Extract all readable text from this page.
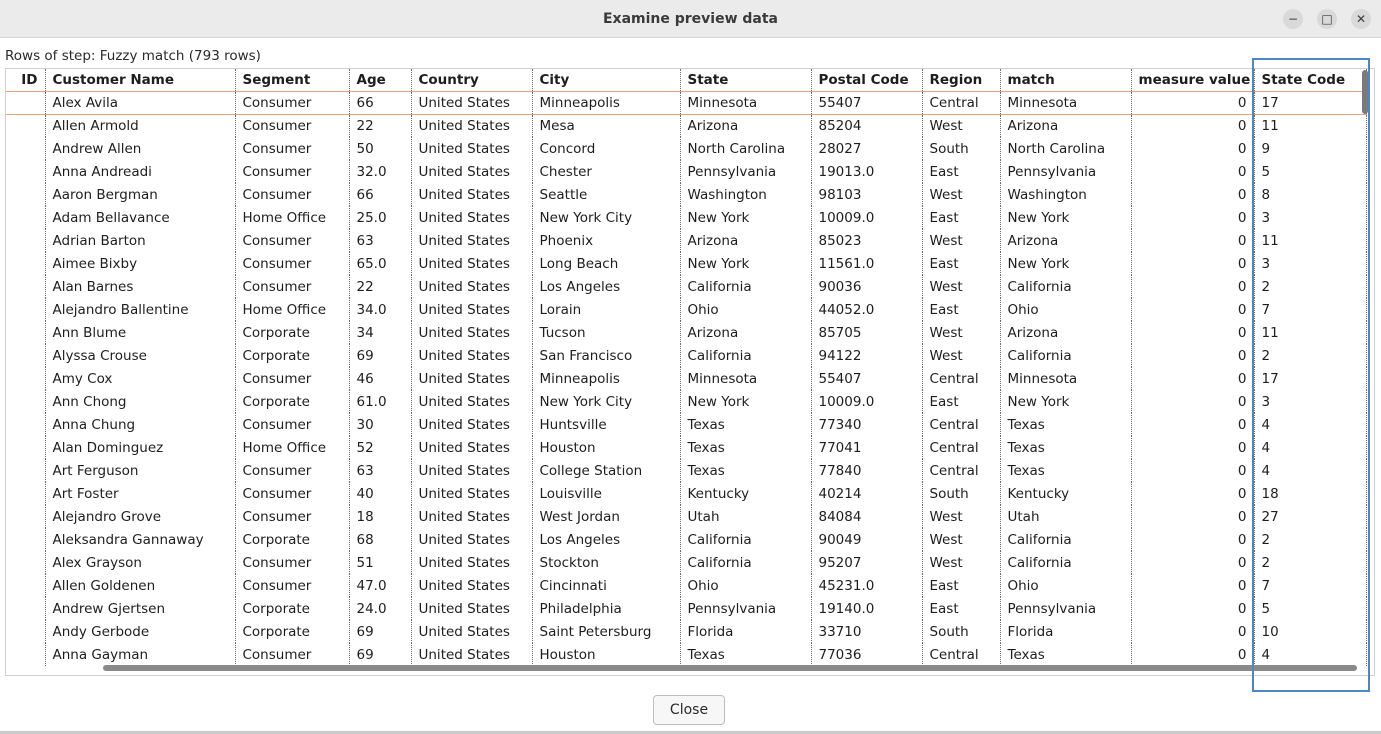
Examine preview data	−	□	✕
Rows of step: Fuzzy match (793 rows)
ID	Customer Name	Segment	Age	Country	City	State	Postal Code	Region	match	measure value	State Code
	Alex Avila	Consumer	66	United States	Minneapolis	Minnesota	55407	Central	Minnesota	0	17
	Allen Armold	Consumer	22	United States	Mesa	Arizona	85204	West	Arizona	0	11
	Andrew Allen	Consumer	50	United States	Concord	North Carolina	28027	South	North Carolina	0	9
	Anna Andreadi	Consumer	32.0	United States	Chester	Pennsylvania	19013.0	East	Pennsylvania	0	5
	Aaron Bergman	Consumer	66	United States	Seattle	Washington	98103	West	Washington	0	8
	Adam Bellavance	Home Office	25.0	United States	New York City	New York	10009.0	East	New York	0	3
	Adrian Barton	Consumer	63	United States	Phoenix	Arizona	85023	West	Arizona	0	11
	Aimee Bixby	Consumer	65.0	United States	Long Beach	New York	11561.0	East	New York	0	3
	Alan Barnes	Consumer	22	United States	Los Angeles	California	90036	West	California	0	2
	Alejandro Ballentine	Home Office	34.0	United States	Lorain	Ohio	44052.0	East	Ohio	0	7
	Ann Blume	Corporate	34	United States	Tucson	Arizona	85705	West	Arizona	0	11
	Alyssa Crouse	Corporate	69	United States	San Francisco	California	94122	West	California	0	2
	Amy Cox	Consumer	46	United States	Minneapolis	Minnesota	55407	Central	Minnesota	0	17
	Ann Chong	Corporate	61.0	United States	New York City	New York	10009.0	East	New York	0	3
	Anna Chung	Consumer	30	United States	Huntsville	Texas	77340	Central	Texas	0	4
	Alan Dominguez	Home Office	52	United States	Houston	Texas	77041	Central	Texas	0	4
	Art Ferguson	Consumer	63	United States	College Station	Texas	77840	Central	Texas	0	4
	Art Foster	Consumer	40	United States	Louisville	Kentucky	40214	South	Kentucky	0	18
	Alejandro Grove	Consumer	18	United States	West Jordan	Utah	84084	West	Utah	0	27
	Aleksandra Gannaway	Corporate	68	United States	Los Angeles	California	90049	West	California	0	2
	Alex Grayson	Consumer	51	United States	Stockton	California	95207	West	California	0	2
	Allen Goldenen	Consumer	47.0	United States	Cincinnati	Ohio	45231.0	East	Ohio	0	7
	Andrew Gjertsen	Corporate	24.0	United States	Philadelphia	Pennsylvania	19140.0	East	Pennsylvania	0	5
	Andy Gerbode	Corporate	69	United States	Saint Petersburg	Florida	33710	South	Florida	0	10
	Anna Gayman	Consumer	69	United States	Houston	Texas	77036	Central	Texas	0	4
Close
